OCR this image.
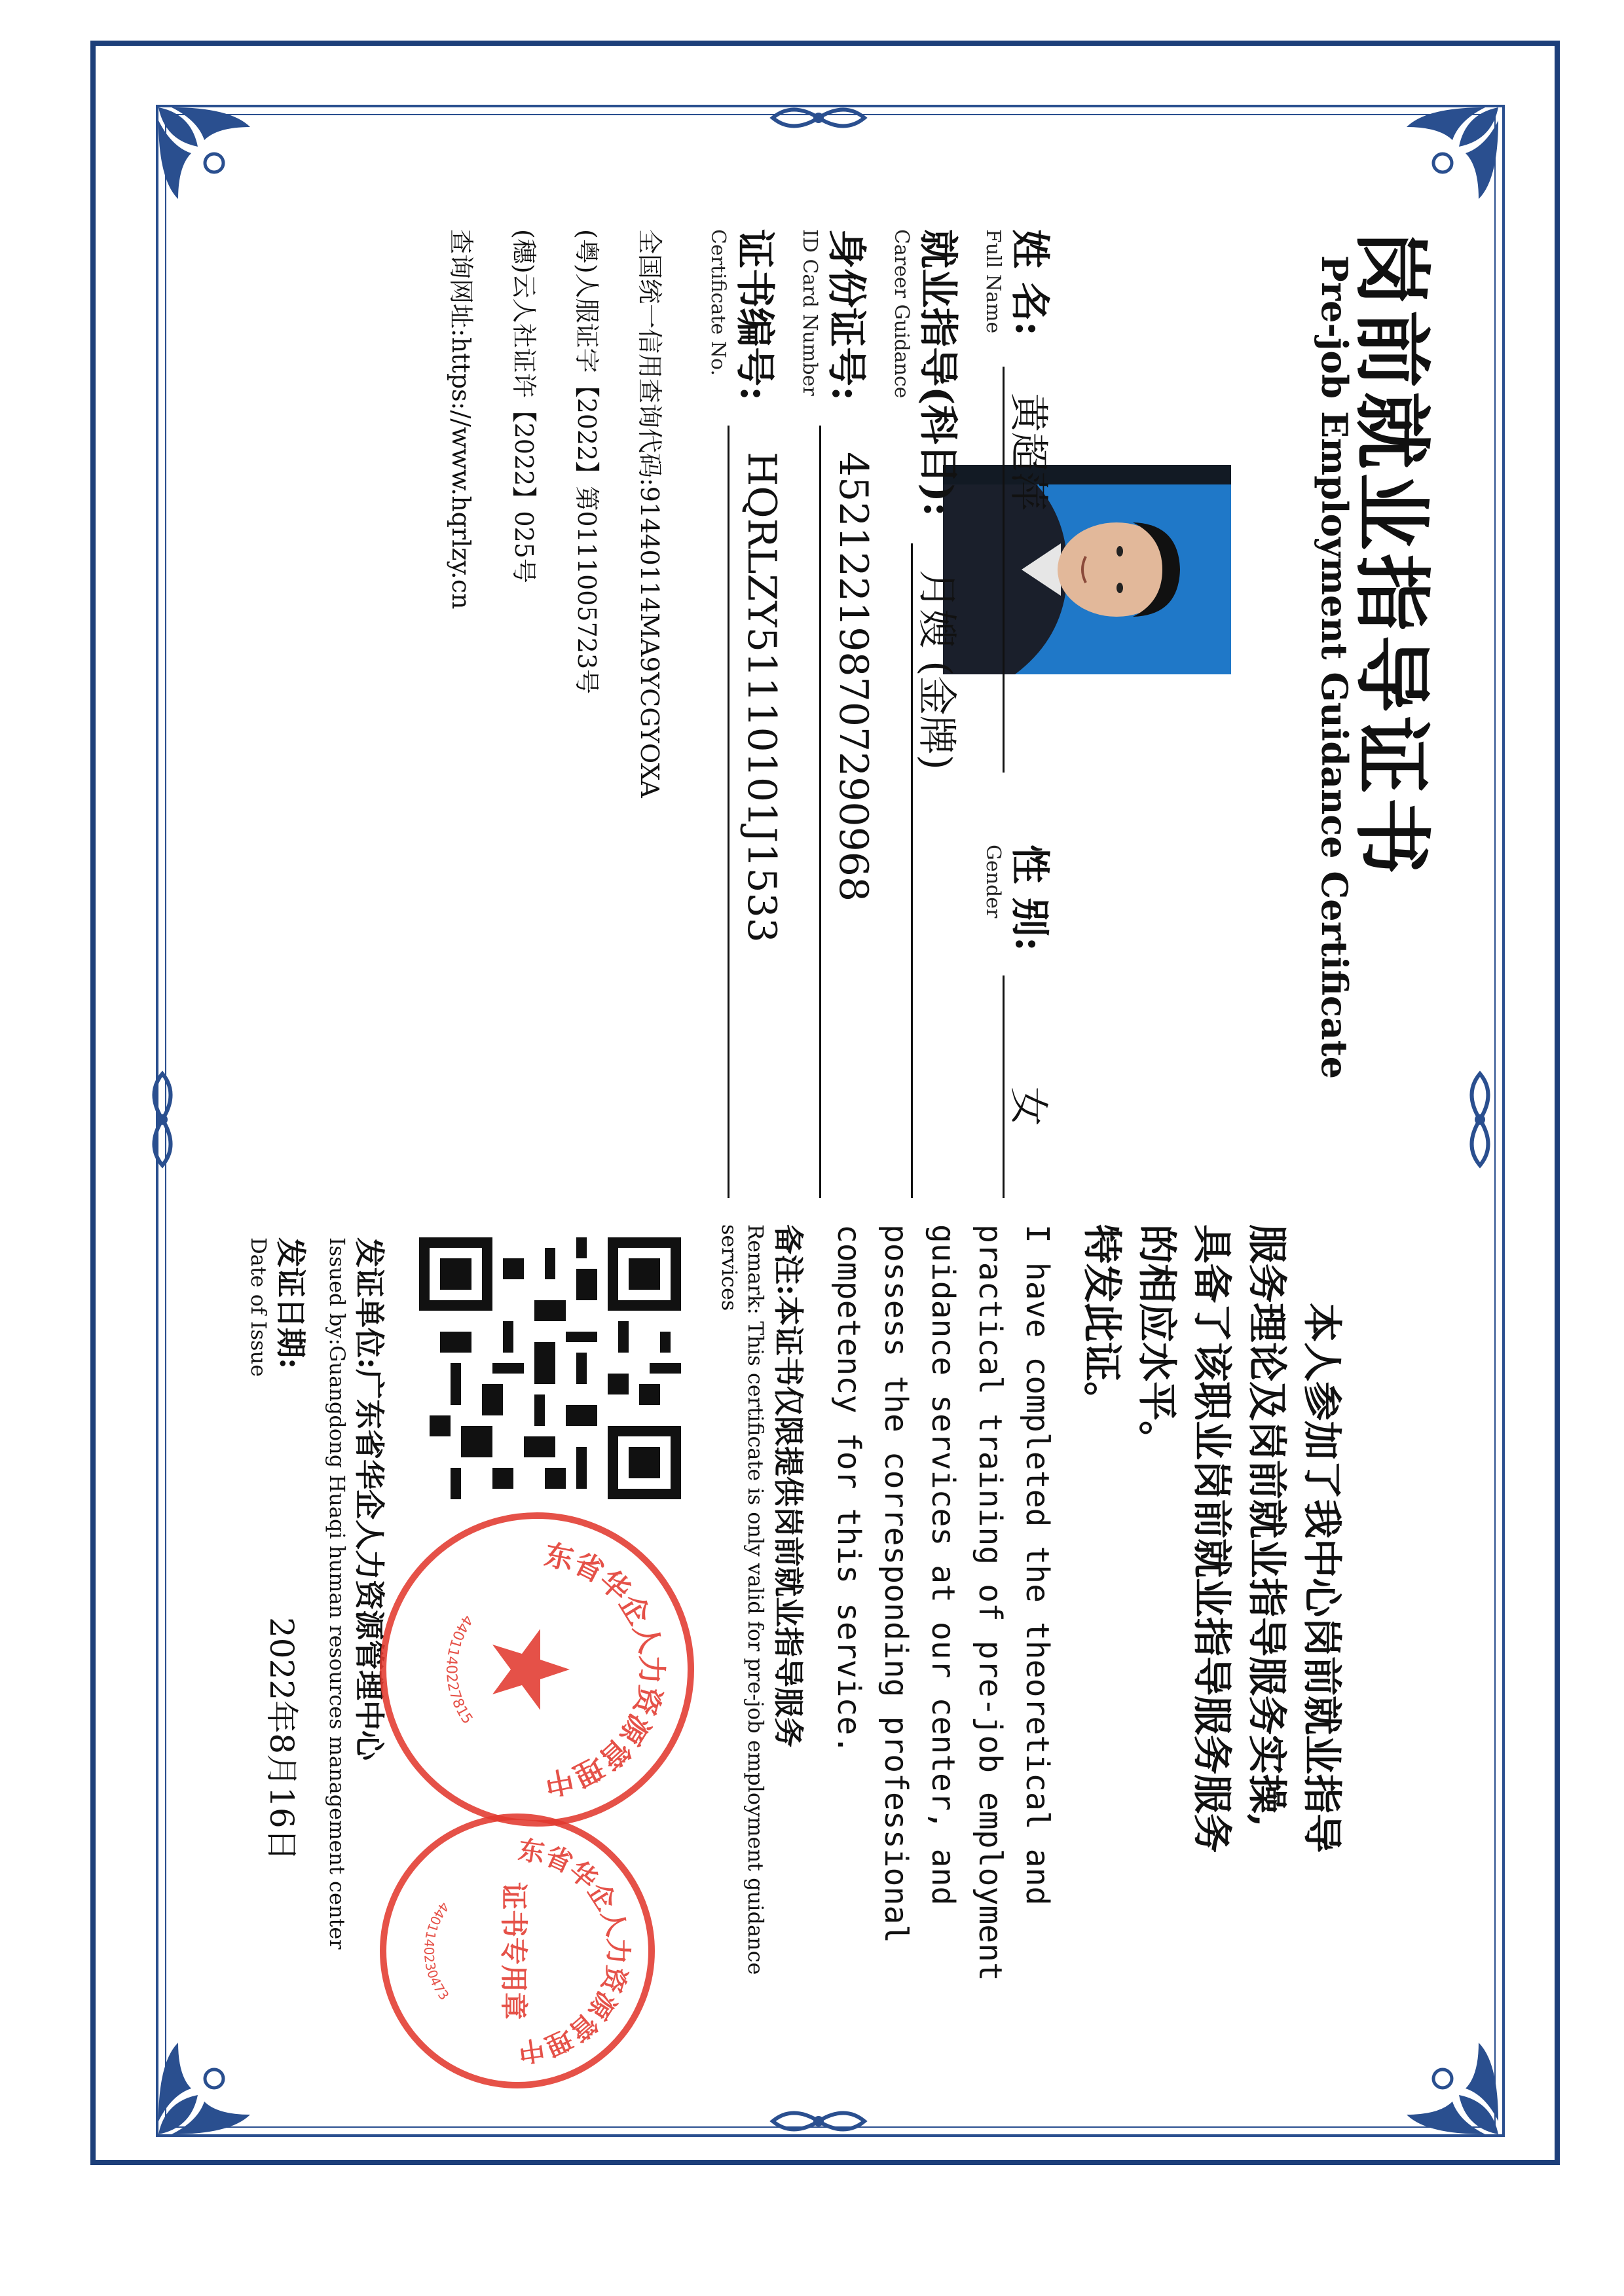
岗前就业指导证书
Pre-job Employment Guidance Certificate
姓 名:
Full Name
黄超萍
性 别:
Gender
女
就业指导(科目):
Career Guidance
月嫂 (金牌)
身份证号:
ID Card Number
452122198707290968
证书编号:
Certificate No.
HQRLZY51110101J1533
全国统一信用查询代码:91440114MA9YCGYOXA
(粤)人服证字【2022】第0111005723号
(穗)云人社证许【2022】025号
查询网址:https://www.hqrlzy.cn
本人参加了我中心岗前就业指导
服务理论及岗前就业指导服务实操,
具备了该职业岗前就业指导服务服务
的相应水平。
特发此证。
I have completed the theoretical and
practical training of pre-job employment
guidance services at our center, and
possess the corresponding professional
competency for this service.
备注:本证书仅限提供岗前就业指导服务
Remark: This certificate is only valid for pre-job employment guidance services
发证单位:广东省华企人力资源管理中心
Issued by:Guangdong Huaqi human resources management center
发证日期:
Date of Issue
2022年8月16日
东省华企人力资源管理中
4401140227815
东省华企人力资源管理中
证书专用章
4401140230473
